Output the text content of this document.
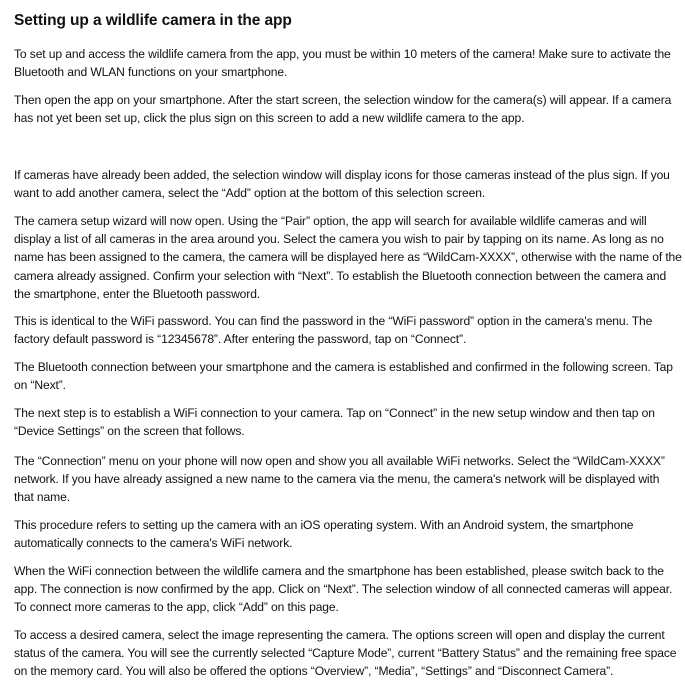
Setting up a wildlife camera in the app

To set up and access the wildlife camera from the app, you must be within 10 meters of the camera! Make sure to activate the Bluetooth and WLAN functions on your smartphone.

Then open the app on your smartphone. After the start screen, the selection window for the camera(s) will appear. If a camera has not yet been set up, click the plus sign on this screen to add a new wildlife camera to the app.

If cameras have already been added, the selection window will display icons for those cameras instead of the plus sign. If you want to add another camera, select the “Add” option at the bottom of this selection screen.

The camera setup wizard will now open. Using the “Pair” option, the app will search for available wildlife cameras and will display a list of all cameras in the area around you. Select the camera you wish to pair by tapping on its name. As long as no name has been assigned to the camera, the camera will be displayed here as “WildCam-XXXX”, otherwise with the name of the camera already assigned. Confirm your selection with “Next”. To establish the Bluetooth connection between the camera and the smartphone, enter the Bluetooth password.

This is identical to the WiFi password. You can find the password in the “WiFi password” option in the camera's menu. The factory default password is “12345678”. After entering the password, tap on “Connect”.

The Bluetooth connection between your smartphone and the camera is established and confirmed in the following screen. Tap on “Next”.

The next step is to establish a WiFi connection to your camera. Tap on “Connect” in the new setup window and then tap on “Device Settings” on the screen that follows.

The “Connection” menu on your phone will now open and show you all available WiFi networks. Select the “WildCam-XXXX” network. If you have already assigned a new name to the camera via the menu, the camera's network will be displayed with that name.

This procedure refers to setting up the camera with an iOS operating system. With an Android system, the smartphone automatically connects to the camera's WiFi network.

When the WiFi connection between the wildlife camera and the smartphone has been established, please switch back to the app. The connection is now confirmed by the app. Click on “Next”. The selection window of all connected cameras will appear. To connect more cameras to the app, click “Add” on this page.

To access a desired camera, select the image representing the camera. The options screen will open and display the current status of the camera. You will see the currently selected “Capture Mode”, current “Battery Status” and the remaining free space on the memory card. You will also be offered the options “Overview”, “Media”, “Settings” and “Disconnect Camera”.
